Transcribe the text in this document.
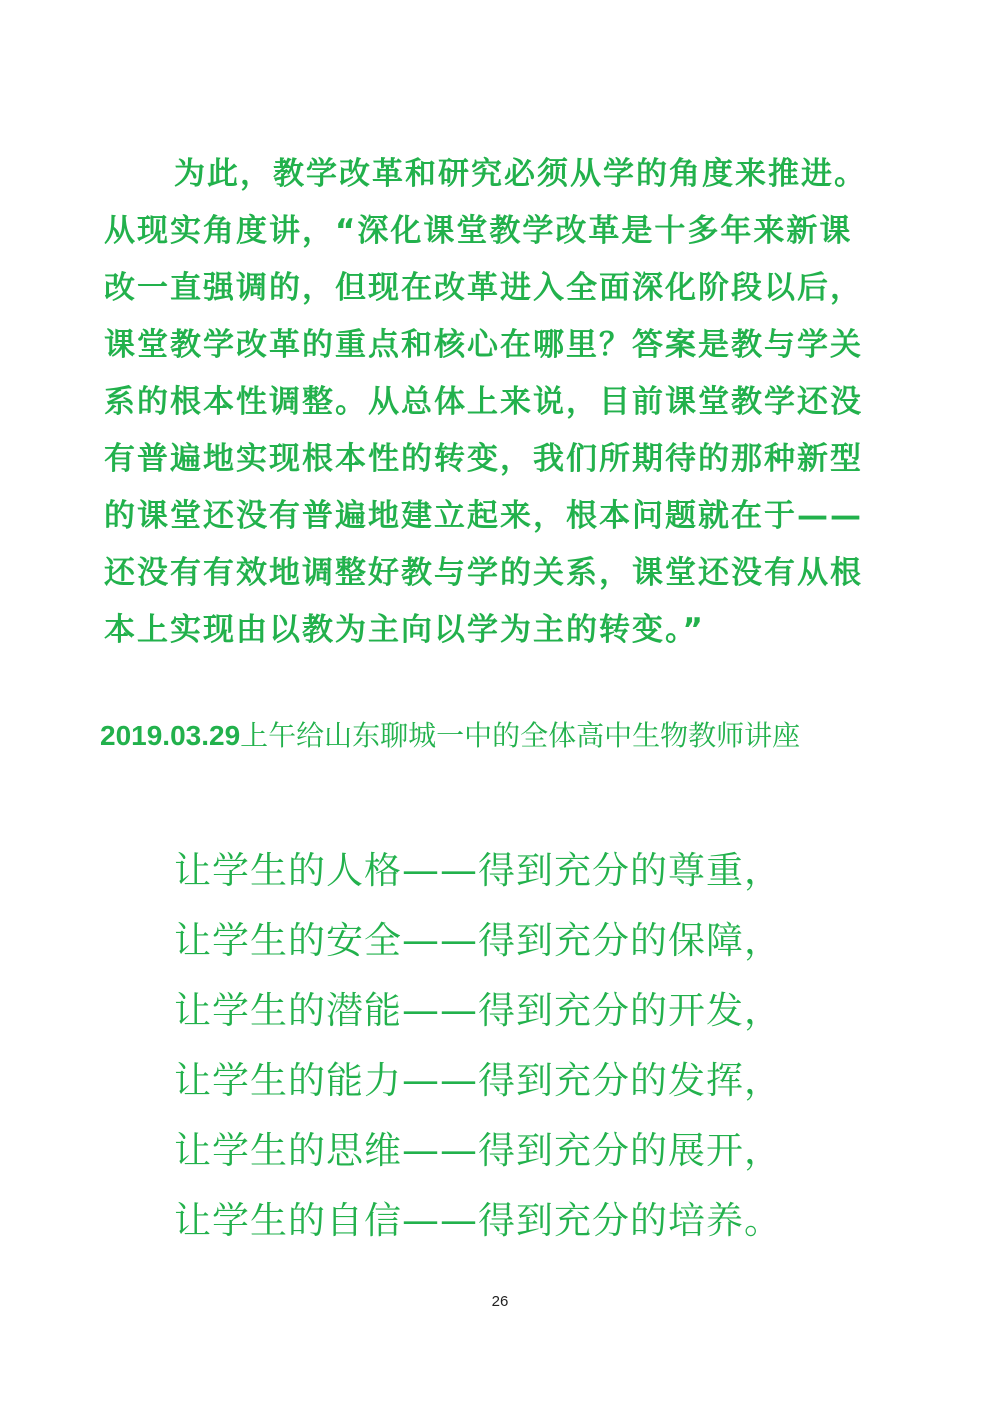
为此，教学改革和研究必须从学的角度来推进。
从现实角度讲，“深化课堂教学改革是十多年来新课
改一直强调的，但现在改革进入全面深化阶段以后，
课堂教学改革的重点和核心在哪里？答案是教与学关
系的根本性调整。从总体上来说，目前课堂教学还没
有普遍地实现根本性的转变，我们所期待的那种新型
的课堂还没有普遍地建立起来，根本问题就在于——
还没有有效地调整好教与学的关系，课堂还没有从根
本上实现由以教为主向以学为主的转变。”
2019.03.29上午给山东聊城一中的全体高中生物教师讲座
让学生的人格——得到充分的尊重，
让学生的安全——得到充分的保障，
让学生的潜能——得到充分的开发，
让学生的能力——得到充分的发挥，
让学生的思维——得到充分的展开，
让学生的自信——得到充分的培养。
26
